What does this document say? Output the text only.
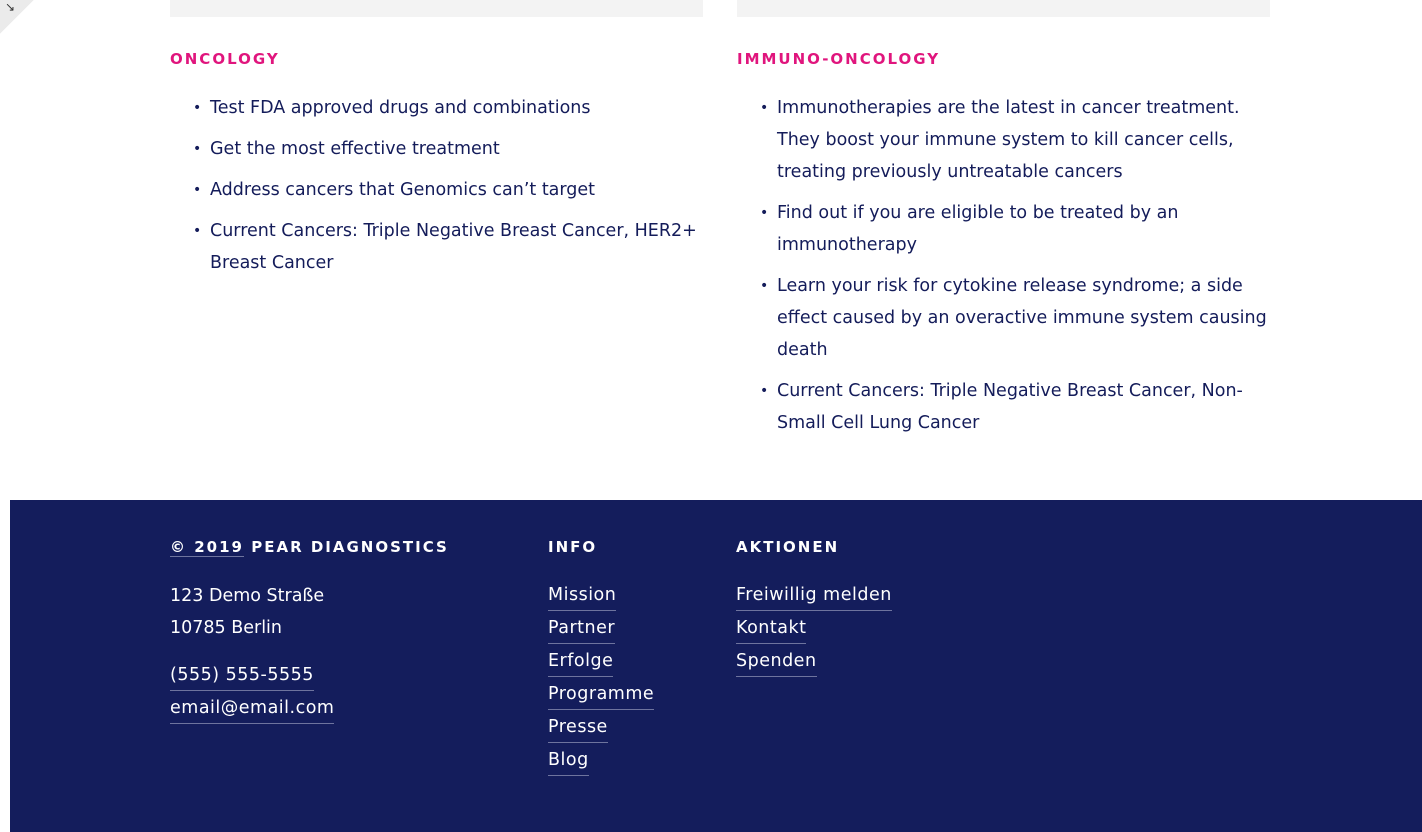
↘
ONCOLOGY
• Test FDA approved drugs and combinations
• Get the most effective treatment
• Address cancers that Genomics can’t target
• Current Cancers: Triple Negative Breast Cancer, HER2+ Breast Cancer
IMMUNO-ONCOLOGY
• Immunotherapies are the latest in cancer treatment. They boost your immune system to kill cancer cells, treating previously untreatable cancers
• Find out if you are eligible to be treated by an immunotherapy
• Learn your risk for cytokine release syndrome; a side effect caused by an overactive immune system causing death
• Current Cancers: Triple Negative Breast Cancer, Non-Small Cell Lung Cancer
© 2019 PEAR DIAGNOSTICS
123 Demo Straße
10785 Berlin
(555) 555-5555
email@email.com
INFO
Mission
Partner
Erfolge
Programme
Presse
Blog
AKTIONEN
Freiwillig melden
Kontakt
Spenden
